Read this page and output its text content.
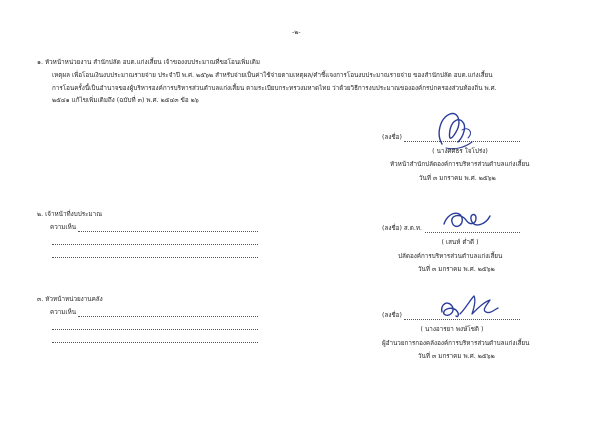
-๒-
๑. หัวหน้าหน่วยงาน สำนักปลัด อบต.แก่งเสี้ยน เจ้าของงบประมาณที่ขอโอนเพิ่มเติม
เหตุผล เพื่อโอนเงินงบประมาณรายจ่าย ประจำปี พ.ศ. ๒๕๖๒ สำหรับจ่ายเป็นค่าใช้จ่ายตามเหตุผล/คำชี้แจงการโอนงบประมาณรายจ่าย ของสำนักปลัด อบต.แก่งเสี้ยน
การโอนครั้งนี้เป็นอำนาจของผู้บริหารองค์การบริหารส่วนตำบลแก่งเสี้ยน ตามระเบียบกระทรวงมหาดไทย ว่าด้วยวิธีการงบประมาณขององค์กรปกครองส่วนท้องถิ่น พ.ศ.
๒๕๔๑ แก้ไขเพิ่มเติมถึง (ฉบับที่ ๓) พ.ศ. ๒๕๔๓ ข้อ ๒๖
(ลงชื่อ)
( นางศศิธร ใจโปร่ง)
หัวหน้าสำนักปลัดองค์การบริหารส่วนตำบลแก่งเสี้ยน
วันที่ ๓ มกราคม พ.ศ. ๒๕๖๒
๒. เจ้าหน้าที่งบประมาณ
ความเห็น	(ลงชื่อ) ส.ต.ท.
( เสนห์ ต่ำดี )
ปลัดองค์การบริหารส่วนตำบลแก่งเสี้ยน
วันที่ ๓ มกราคม พ.ศ. ๒๕๖๒
๓. หัวหน้าหน่วยงานคลัง
ความเห็น	(ลงชื่อ)
( นางอารยา พงษ์โชติ )
ผู้อำนวยการกองคลังองค์การบริหารส่วนตำบลแก่งเสี้ยน
วันที่ ๓ มกราคม พ.ศ. ๒๕๖๒
